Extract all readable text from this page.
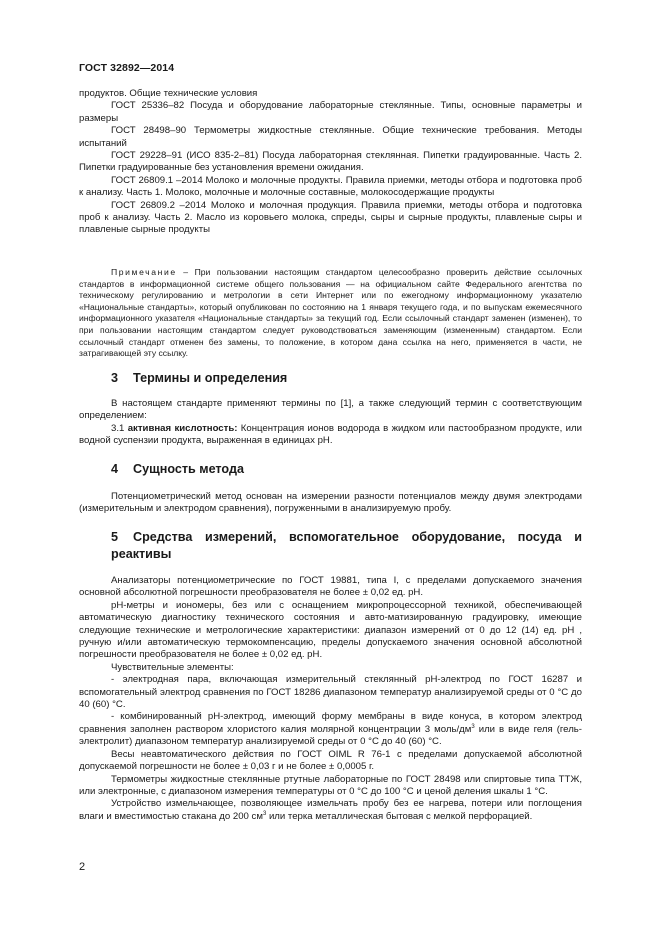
ГОСТ 32892—2014

продуктов. Общие технические условия

ГОСТ 25336–82 Посуда и оборудование лабораторные стеклянные. Типы, основные параметры и размеры

ГОСТ 28498–90 Термометры жидкостные стеклянные. Общие технические требования. Методы испытаний

ГОСТ 29228–91 (ИСО 835-2–81) Посуда лабораторная стеклянная. Пипетки градуированные. Часть 2. Пипетки градуированные без установления времени ожидания.

ГОСТ 26809.1 –2014 Молоко и молочные продукты. Правила приемки, методы отбора и подготовка проб к анализу. Часть 1. Молоко, молочные и молочные составные, молокосодержащие продукты

ГОСТ 26809.2 –2014 Молоко и молочная продукция. Правила приемки, методы отбора и подготовка проб к анализу. Часть 2. Масло из коровьего молока, спреды, сыры и сырные продукты, плавленые сыры и плавленые сырные продукты

Примечание – При пользовании настоящим стандартом целесообразно проверить действие ссылочных стандартов в информационной системе общего пользования — на официальном сайте Федерального агентства по техническому регулированию и метрологии в сети Интернет или по ежегодному информационному указателю «Национальные стандарты», который опубликован по состоянию на 1 января текущего года, и по выпускам ежемесячного информационного указателя «Национальные стандарты» за текущий год. Если ссылочный стандарт заменен (изменен), то при пользовании настоящим стандартом следует руководствоваться заменяющим (измененным) стандартом. Если ссылочный стандарт отменен без замены, то положение, в котором дана ссылка на него, применяется в части, не затрагивающей эту ссылку.

3 Термины и определения

В настоящем стандарте применяют термины по [1], а также следующий термин с соответствующим определением:

3.1 активная кислотность: Концентрация ионов водорода в жидком или пастообразном продукте, или водной суспензии продукта, выраженная в единицах pH.

4 Сущность метода

Потенциометрический метод основан на измерении разности потенциалов между двумя электродами (измерительным и электродом сравнения), погруженными в анализируемую пробу.

5 Средства измерений, вспомогательное оборудование, посуда и

реактивы

Анализаторы потенциометрические по ГОСТ 19881, типа I, с пределами допускаемого значения основной абсолютной погрешности преобразователя не более ± 0,02 ед. pH.

pH-метры и иономеры, без или с оснащением микропроцессорной техникой, обеспечивающей автоматическую диагностику технического состояния и авто-матизированную градуировку, имеющие следующие технические и метрологические характеристики: диапазон измерений от 0 до 12 (14) ед. pH , ручную и/или автоматическую термокомпенсацию, пределы допускаемого значения основной абсолютной погрешности преобразователя не более ± 0,02 ед. pH.

Чувствительные элементы:

- электродная пара, включающая измерительный стеклянный pH-электрод по ГОСТ 16287 и вспомогательный электрод сравнения по ГОСТ 18286 диапазоном температур анализируемой среды от 0 °С до 40 (60) °С.

- комбинированный pH-электрод, имеющий форму мембраны в виде конуса, в котором электрод сравнения заполнен раствором хлористого калия молярной концентрации 3 моль/$дм^3$ или в виде геля (гель-электролит) диапазоном температур анализируемой среды от 0 °С до 40 (60) °С.

Весы неавтоматического действия по ГОСТ OIML R 76-1 с пределами допускаемой абсолютной допускаемой погрешности не более ± 0,03 г и не более ± 0,0005 г.

Термометры жидкостные стеклянные ртутные лабораторные по ГОСТ 28498 или спиртовые типа ТТЖ, или электронные, с диапазоном измерения температуры от 0 °С до 100 °С и ценой деления шкалы 1 °С.

Устройство измельчающее, позволяющее измельчать пробу без ее нагрева, потери или поглощения влаги и вместимостью стакана до 200 $см^3$ или терка металлическая бытовая с мелкой перфорацией.

2
